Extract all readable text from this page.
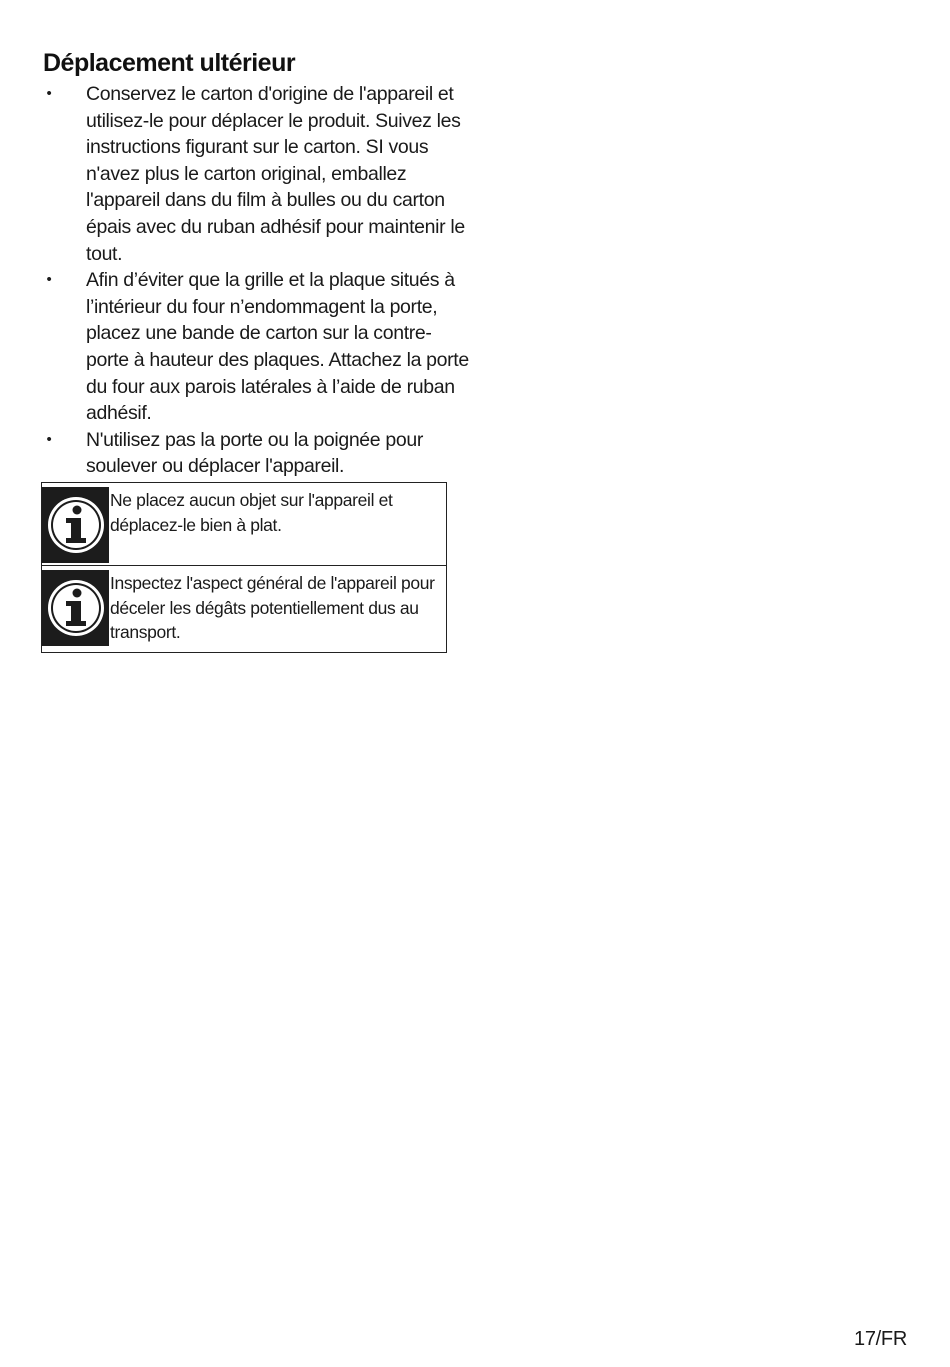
Déplacement ultérieur
• Conservez le carton d'origine de l'appareil et utilisez-le pour déplacer le produit. Suivez les instructions figurant sur le carton. SI vous n'avez plus le carton original, emballez l'appareil dans du film à bulles ou du carton épais avec du ruban adhésif pour maintenir le tout.
• Afin d’éviter que la grille et la plaque situés à l’intérieur du four n’endommagent la porte, placez une bande de carton sur la contre-porte à hauteur des plaques. Attachez la porte du four aux parois latérales à l’aide de ruban adhésif.
• N'utilisez pas la porte ou la poignée pour soulever ou déplacer l'appareil.

Ne placez aucun objet sur l'appareil et déplacez-le bien à plat.

Inspectez l'aspect général de l'appareil pour déceler les dégâts potentiellement dus au transport.

17/FR
